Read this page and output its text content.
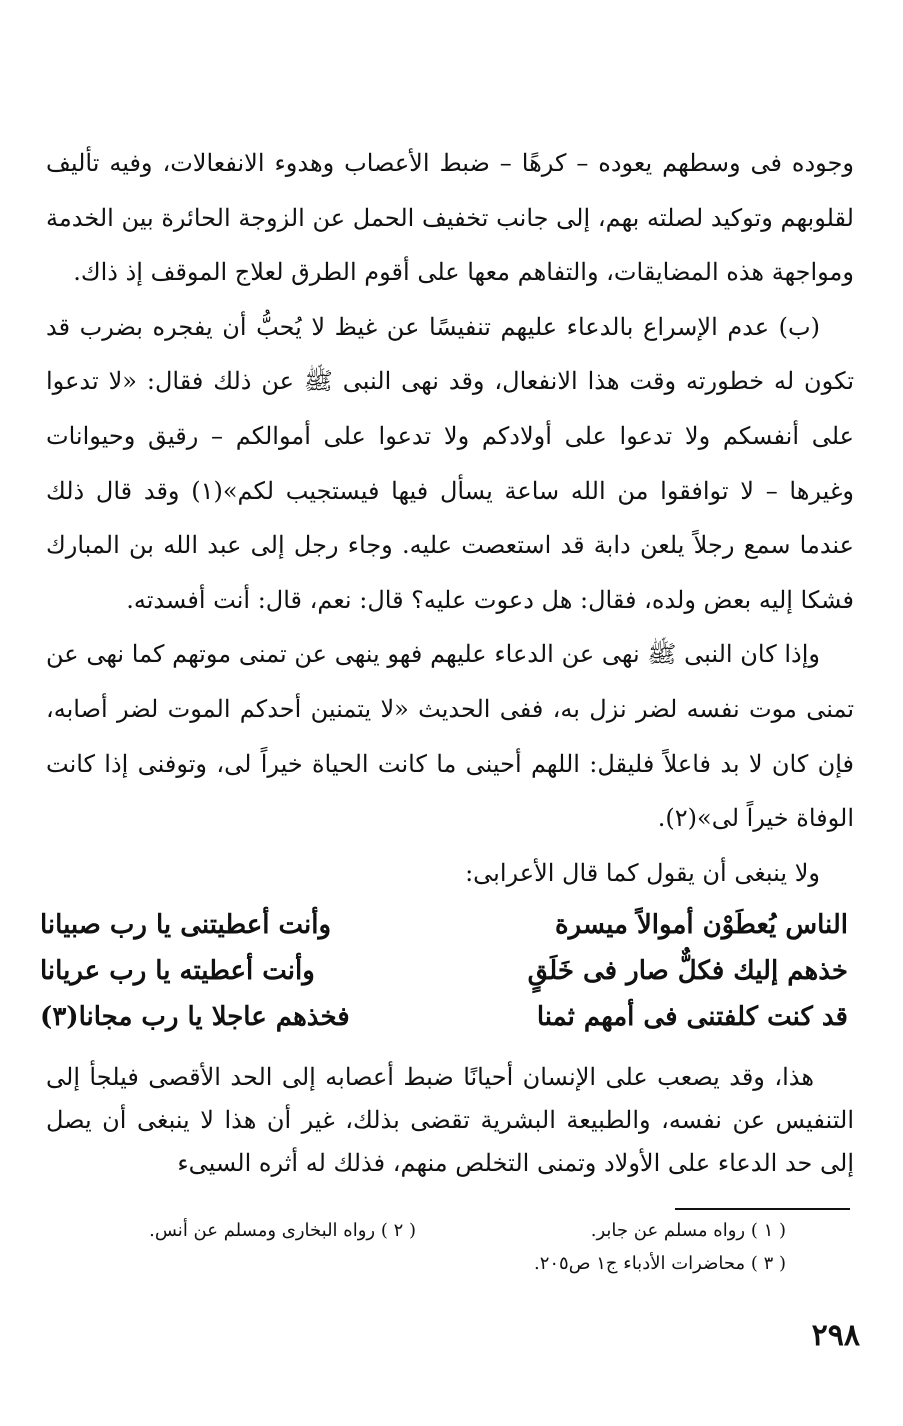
وجوده فى وسطهم يعوده – كرهًا – ضبط الأعصاب وهدوء الانفعالات، وفيه تأليف لقلوبهم وتوكيد لصلته بهم، إلى جانب تخفيف الحمل عن الزوجة الحائرة بين الخدمة ومواجهة هذه المضايقات، والتفاهم معها على أقوم الطرق لعلاج الموقف إذ ذاك.

(ب) عدم الإسراع بالدعاء عليهم تنفيسًا عن غيظ لا يُحبُّ أن يفجره بضرب قد تكون له خطورته وقت هذا الانفعال، وقد نهى النبى ﷺ عن ذلك فقال: «لا تدعوا على أنفسكم ولا تدعوا على أولادكم ولا تدعوا على أموالكم – رقيق وحيوانات وغيرها – لا توافقوا من الله ساعة يسأل فيها فيستجيب لكم»(١) وقد قال ذلك عندما سمع رجلاً يلعن دابة قد استعصت عليه. وجاء رجل إلى عبد الله بن المبارك فشكا إليه بعض ولده، فقال: هل دعوت عليه؟ قال: نعم، قال: أنت أفسدته.

وإذا كان النبى ﷺ نهى عن الدعاء عليهم فهو ينهى عن تمنى موتهم كما نهى عن تمنى موت نفسه لضر نزل به، ففى الحديث «لا يتمنين أحدكم الموت لضر أصابه، فإن كان لا بد فاعلاً فليقل: اللهم أحينى ما كانت الحياة خيراً لى، وتوفنى إذا كانت الوفاة خيراً لى»(٢).

ولا ينبغى أن يقول كما قال الأعرابى:

الناس يُعطَوْن أموالاً ميسرة
وأنت أعطيتنى يا رب صبيانا
خذهم إليك فكلٌّ صار فى خَلَقٍ
وأنت أعطيته يا رب عريانا
قد كنت كلفتنى فى أمهم ثمنا
فخذهم عاجلا يا رب مجانا(٣)

هذا، وقد يصعب على الإنسان أحيانًا ضبط أعصابه إلى الحد الأقصى فيلجأ إلى التنفيس عن نفسه، والطبيعة البشرية تقضى بذلك، غير أن هذا لا ينبغى أن يصل إلى حد الدعاء على الأولاد وتمنى التخلص منهم، فذلك له أثره السيىء

( ١ ) رواه مسلم عن جابر.
( ٢ ) رواه البخارى ومسلم عن أنس.
( ٣ ) محاضرات الأدباء ج١ ص٢٠٥.
٢٩٨
